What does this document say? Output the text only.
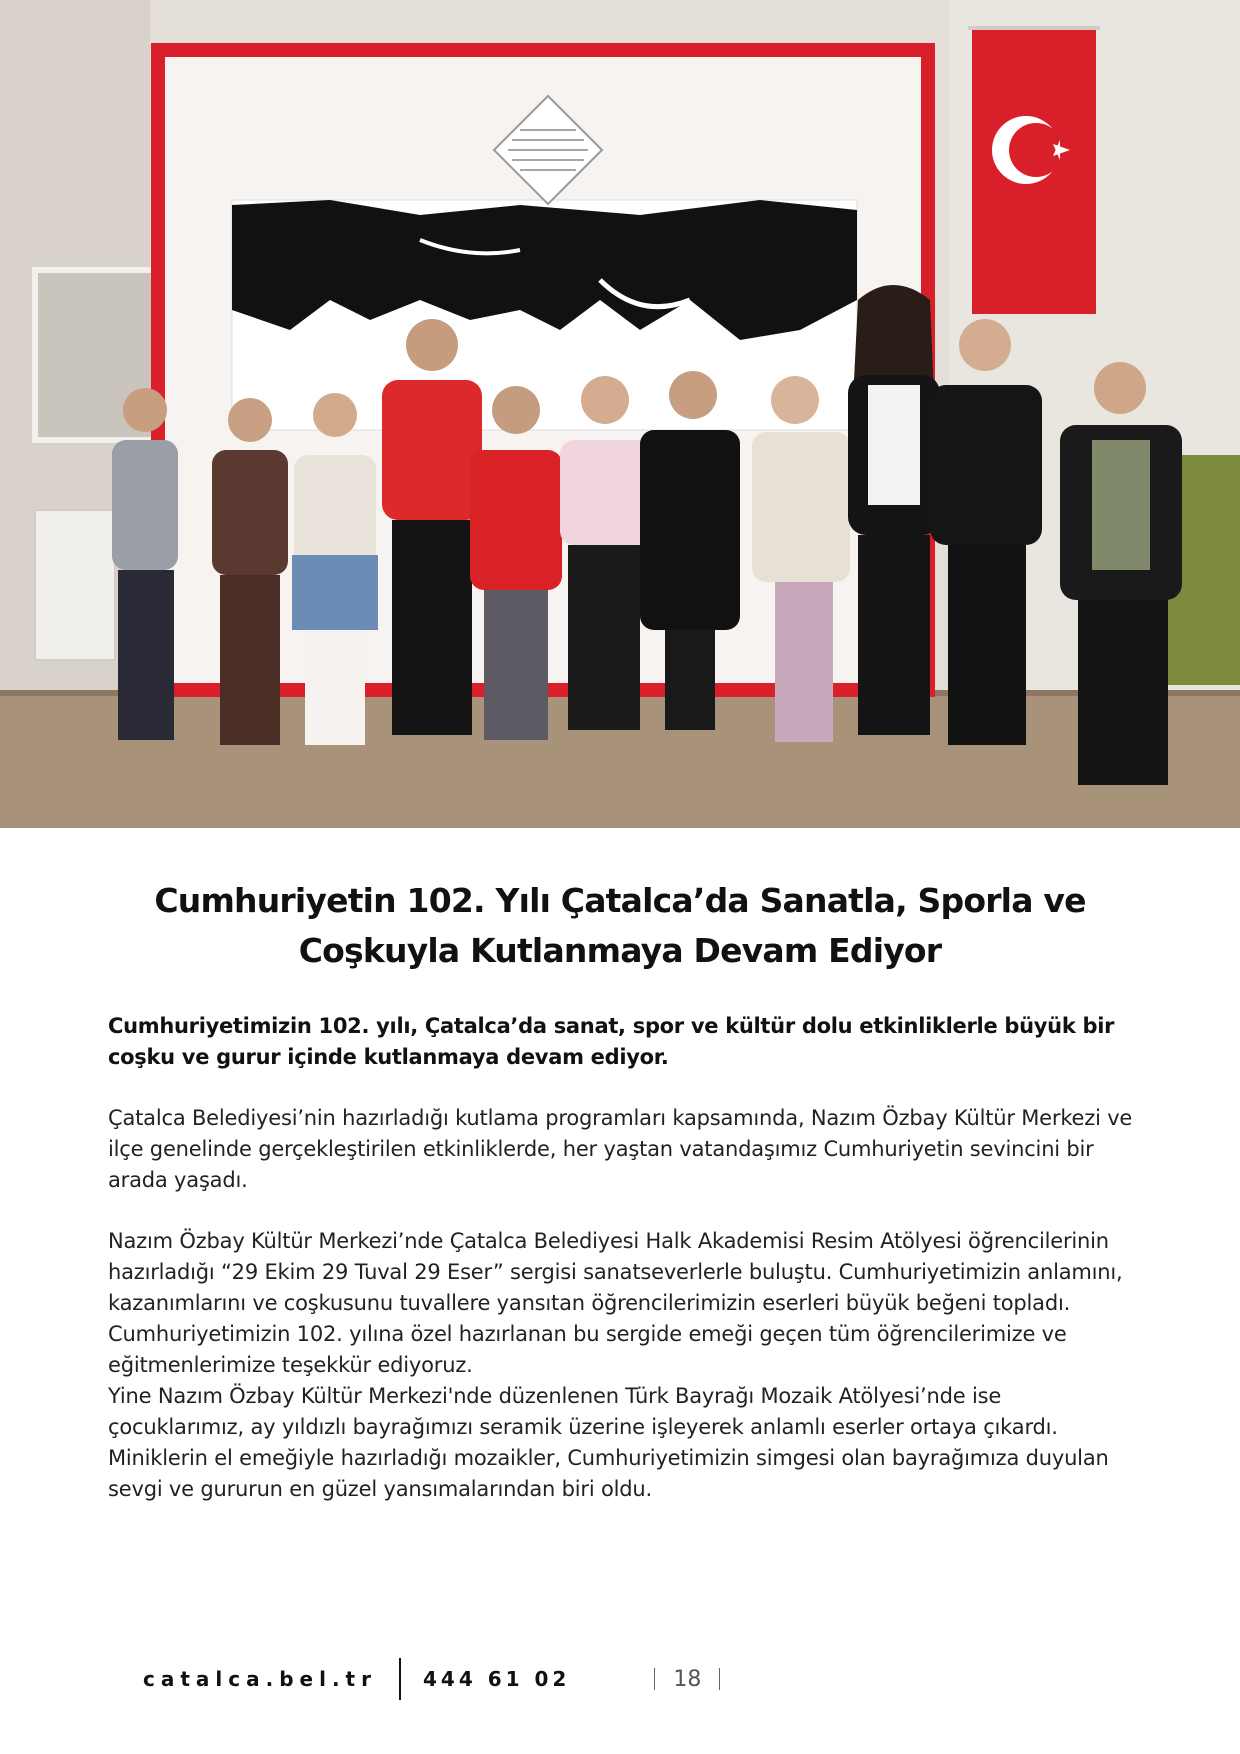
Cumhuriyetin 102. Yılı Çatalca’da Sanatla, Sporla ve
Coşkuyla Kutlanmaya Devam Ediyor

Cumhuriyetimizin 102. yılı, Çatalca’da sanat, spor ve kültür dolu etkinliklerle büyük bir coşku ve gurur içinde kutlanmaya devam ediyor.

Çatalca Belediyesi’nin hazırladığı kutlama programları kapsamında, Nazım Özbay Kültür Merkezi ve ilçe genelinde gerçekleştirilen etkinliklerde, her yaştan vatandaşımız Cumhuriyetin sevincini bir arada yaşadı.

Nazım Özbay Kültür Merkezi’nde Çatalca Belediyesi Halk Akademisi Resim Atölyesi öğrencilerinin hazırladığı “29 Ekim 29 Tuval 29 Eser” sergisi sanatseverlerle buluştu. Cumhuriyetimizin anlamını, kazanımlarını ve coşkusunu tuvallere yansıtan öğrencilerimizin eserleri büyük beğeni topladı. Cumhuriyetimizin 102. yılına özel hazırlanan bu sergide emeği geçen tüm öğrencilerimize ve eğitmenlerimize teşekkür ediyoruz.

Yine Nazım Özbay Kültür Merkezi'nde düzenlenen Türk Bayrağı Mozaik Atölyesi’nde ise çocuklarımız, ay yıldızlı bayrağımızı seramik üzerine işleyerek anlamlı eserler ortaya çıkardı. Miniklerin el emeğiyle hazırladığı mozaikler, Cumhuriyetimizin simgesi olan bayrağımıza duyulan sevgi ve gururun en güzel yansımalarından biri oldu.

catalca.bel.tr 444 61 02	18
